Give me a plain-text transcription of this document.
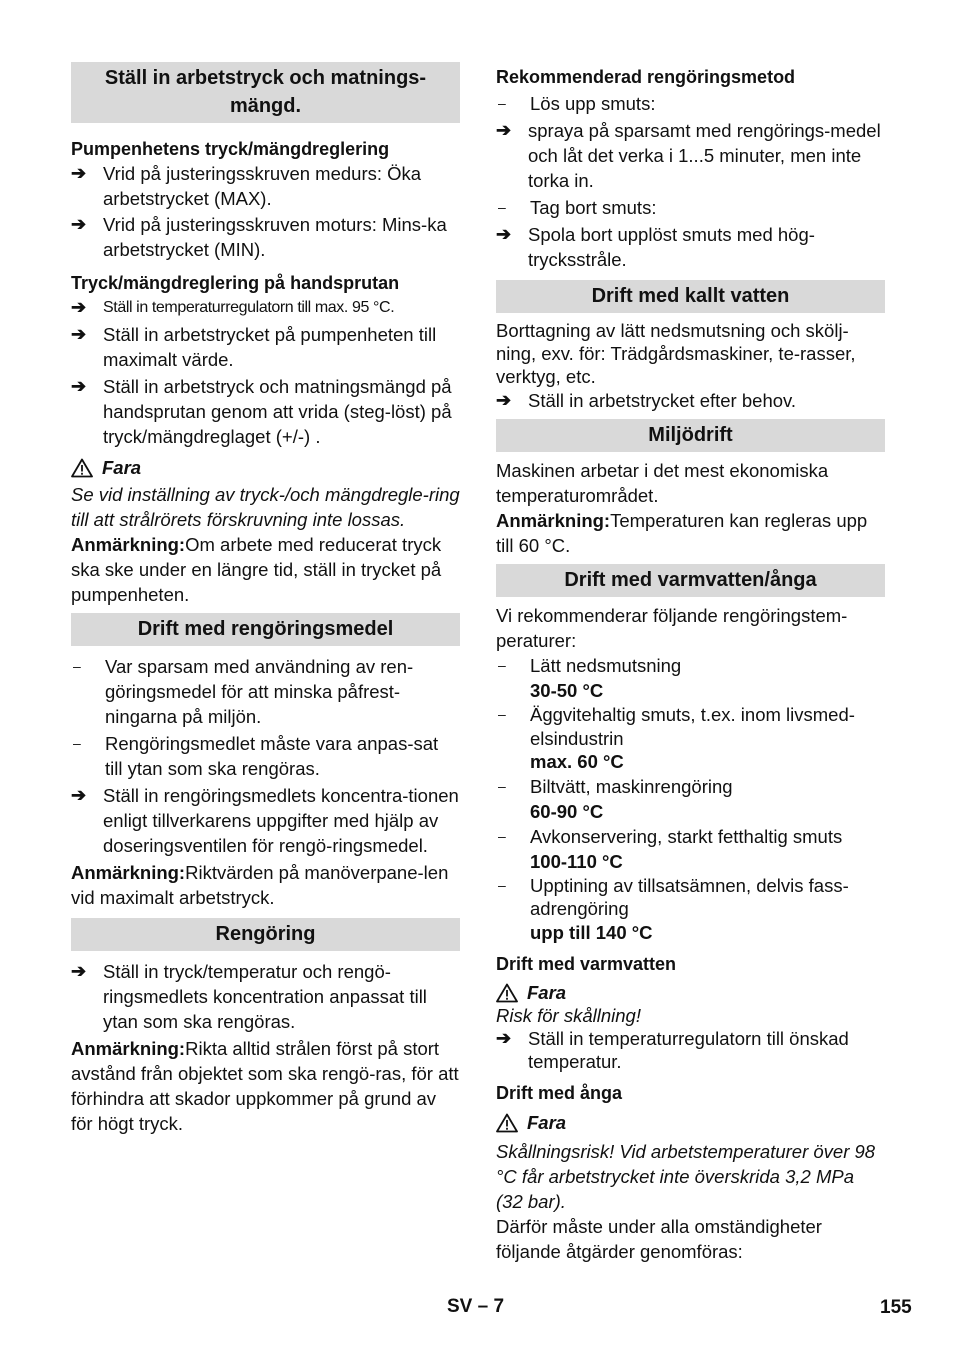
Ställ in arbetstryck och matnings-
mängd.
Pumpenhetens tryck/mängdreglering
➔ Vrid på justeringsskruven medurs: Öka arbetstrycket (MAX).
➔ Vrid på justeringsskruven moturs: Mins-ka arbetstrycket (MIN).
Tryck/mängdreglering på handsprutan
➔	Ställ in temperaturregulatorn till max. 95 °C.
➔ Ställ in arbetstrycket på pumpenheten till maximalt värde.
➔ Ställ in arbetstryck och matningsmängd på handsprutan genom att vrida (steg-löst) på tryck/mängdreglaget (+/-) .
Fara
Se vid inställning av tryck-/och mängdregle-ring till att strålrörets förskruvning inte lossas.

Anmärkning:Om arbete med reducerat tryck ska ske under en längre tid, ställ in trycket på pumpenheten.

Drift med rengöringsmedel
–	Var sparsam med användning av ren-göringsmedel för att minska påfrest-ningarna på miljön.
–	Rengöringsmedlet måste vara anpas-sat till ytan som ska rengöras.
➔ Ställ in rengöringsmedlets koncentra-tionen enligt tillverkarens uppgifter med hjälp av doseringsventilen för rengö-ringsmedel.

Anmärkning:Riktvärden på manöverpane-len vid maximalt arbetstryck.

Rengöring
➔ Ställ in tryck/temperatur och rengö-ringsmedlets koncentration anpassat till ytan som ska rengöras.

Anmärkning:Rikta alltid strålen först på stort avstånd från objektet som ska rengö-ras, för att förhindra att skador uppkommer på grund av för högt tryck.

Rekommenderad rengöringsmetod
–	Lös upp smuts:
➔ spraya på sparsamt med rengörings-medel och låt det verka i 1...5 minuter, men inte torka in.
–	Tag bort smuts:
➔ Spola bort upplöst smuts med hög-trycksstråle.
Drift med kallt vatten

Borttagning av lätt nedsmutsning och skölj-ning, exv. för: Trädgårdsmaskiner, te-rasser, verktyg, etc.

➔ Ställ in arbetstrycket efter behov.
Miljödrift

Maskinen arbetar i det mest ekonomiska temperaturområdet.

Anmärkning:Temperaturen kan regleras upp till 60 °C.

Drift med varmvatten/ånga

Vi rekommenderar följande rengöringstem-peraturer:

–	Lätt nedsmutsning
30-50 °C
–	Äggvitehaltig smuts, t.ex. inom livsmed-elsindustrin
max. 60 °C
–	Biltvätt, maskinrengöring
60-90 °C
–	Avkonservering, starkt fetthaltig smuts
100-110 °C
–	Upptining av tillsatsämnen, delvis fass-adrengöring
upp till 140 °C
Drift med varmvatten
Fara
Risk för skållning!
➔ Ställ in temperaturregulatorn till önskad temperatur.
Drift med ånga
Fara
Skållningsrisk! Vid arbetstemperaturer över 98 °C får arbetstrycket inte överskrida 3,2 MPa (32 bar).

Därför måste under alla omständigheter följande åtgärder genomföras:

SV – 7	155
